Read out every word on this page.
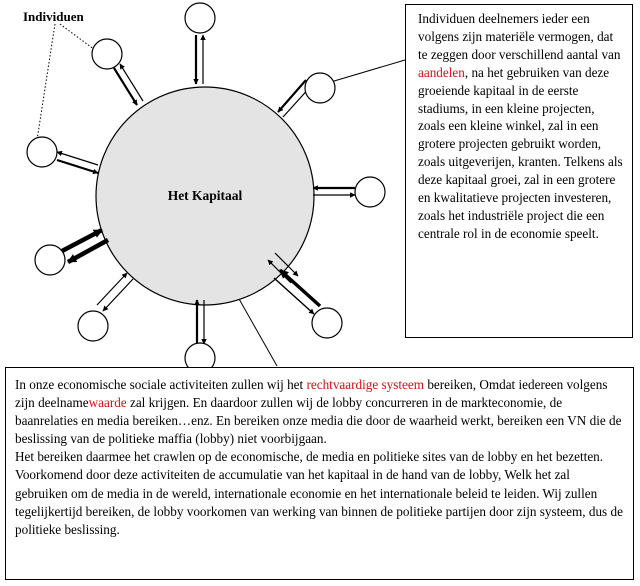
Het Kapitaal
Individuen	Individuen deelnemers ieder een volgens zijn materiële vermogen, dat te zeggen door verschillend aantal van aandelen, na het gebruiken van deze groeiende kapitaal in de eerste stadiums, in een kleine projecten, zoals een kleine winkel, zal in een grotere projecten gebruikt worden, zoals uitgeverijen, kranten. Telkens als deze kapitaal groei, zal in een grotere en kwalitatieve projecten investeren, zoals het industriële project die een centrale rol in de economie speelt.

In onze economische sociale activiteiten zullen wij het rechtvaardige systeem bereiken, Omdat iedereen volgens zijn deelnamewaarde zal krijgen. En daardoor zullen wij de lobby concurreren in de markteconomie, de baanrelaties en media bereiken…enz. En bereiken onze media die door de waarheid werkt, bereiken een VN die de beslissing van de politieke maffia (lobby) niet voorbijgaan.

Het bereiken daarmee het crawlen op de economische, de media en politieke sites van de lobby en het bezetten. Voorkomend door deze activiteiten de accumulatie van het kapitaal in de hand van de lobby, Welk het zal gebruiken om de media in de wereld, internationale economie en het internationale beleid te leiden. Wij zullen tegelijkertijd bereiken, de lobby voorkomen van werking van binnen de politieke partijen door zijn systeem, dus de politieke beslissing.
